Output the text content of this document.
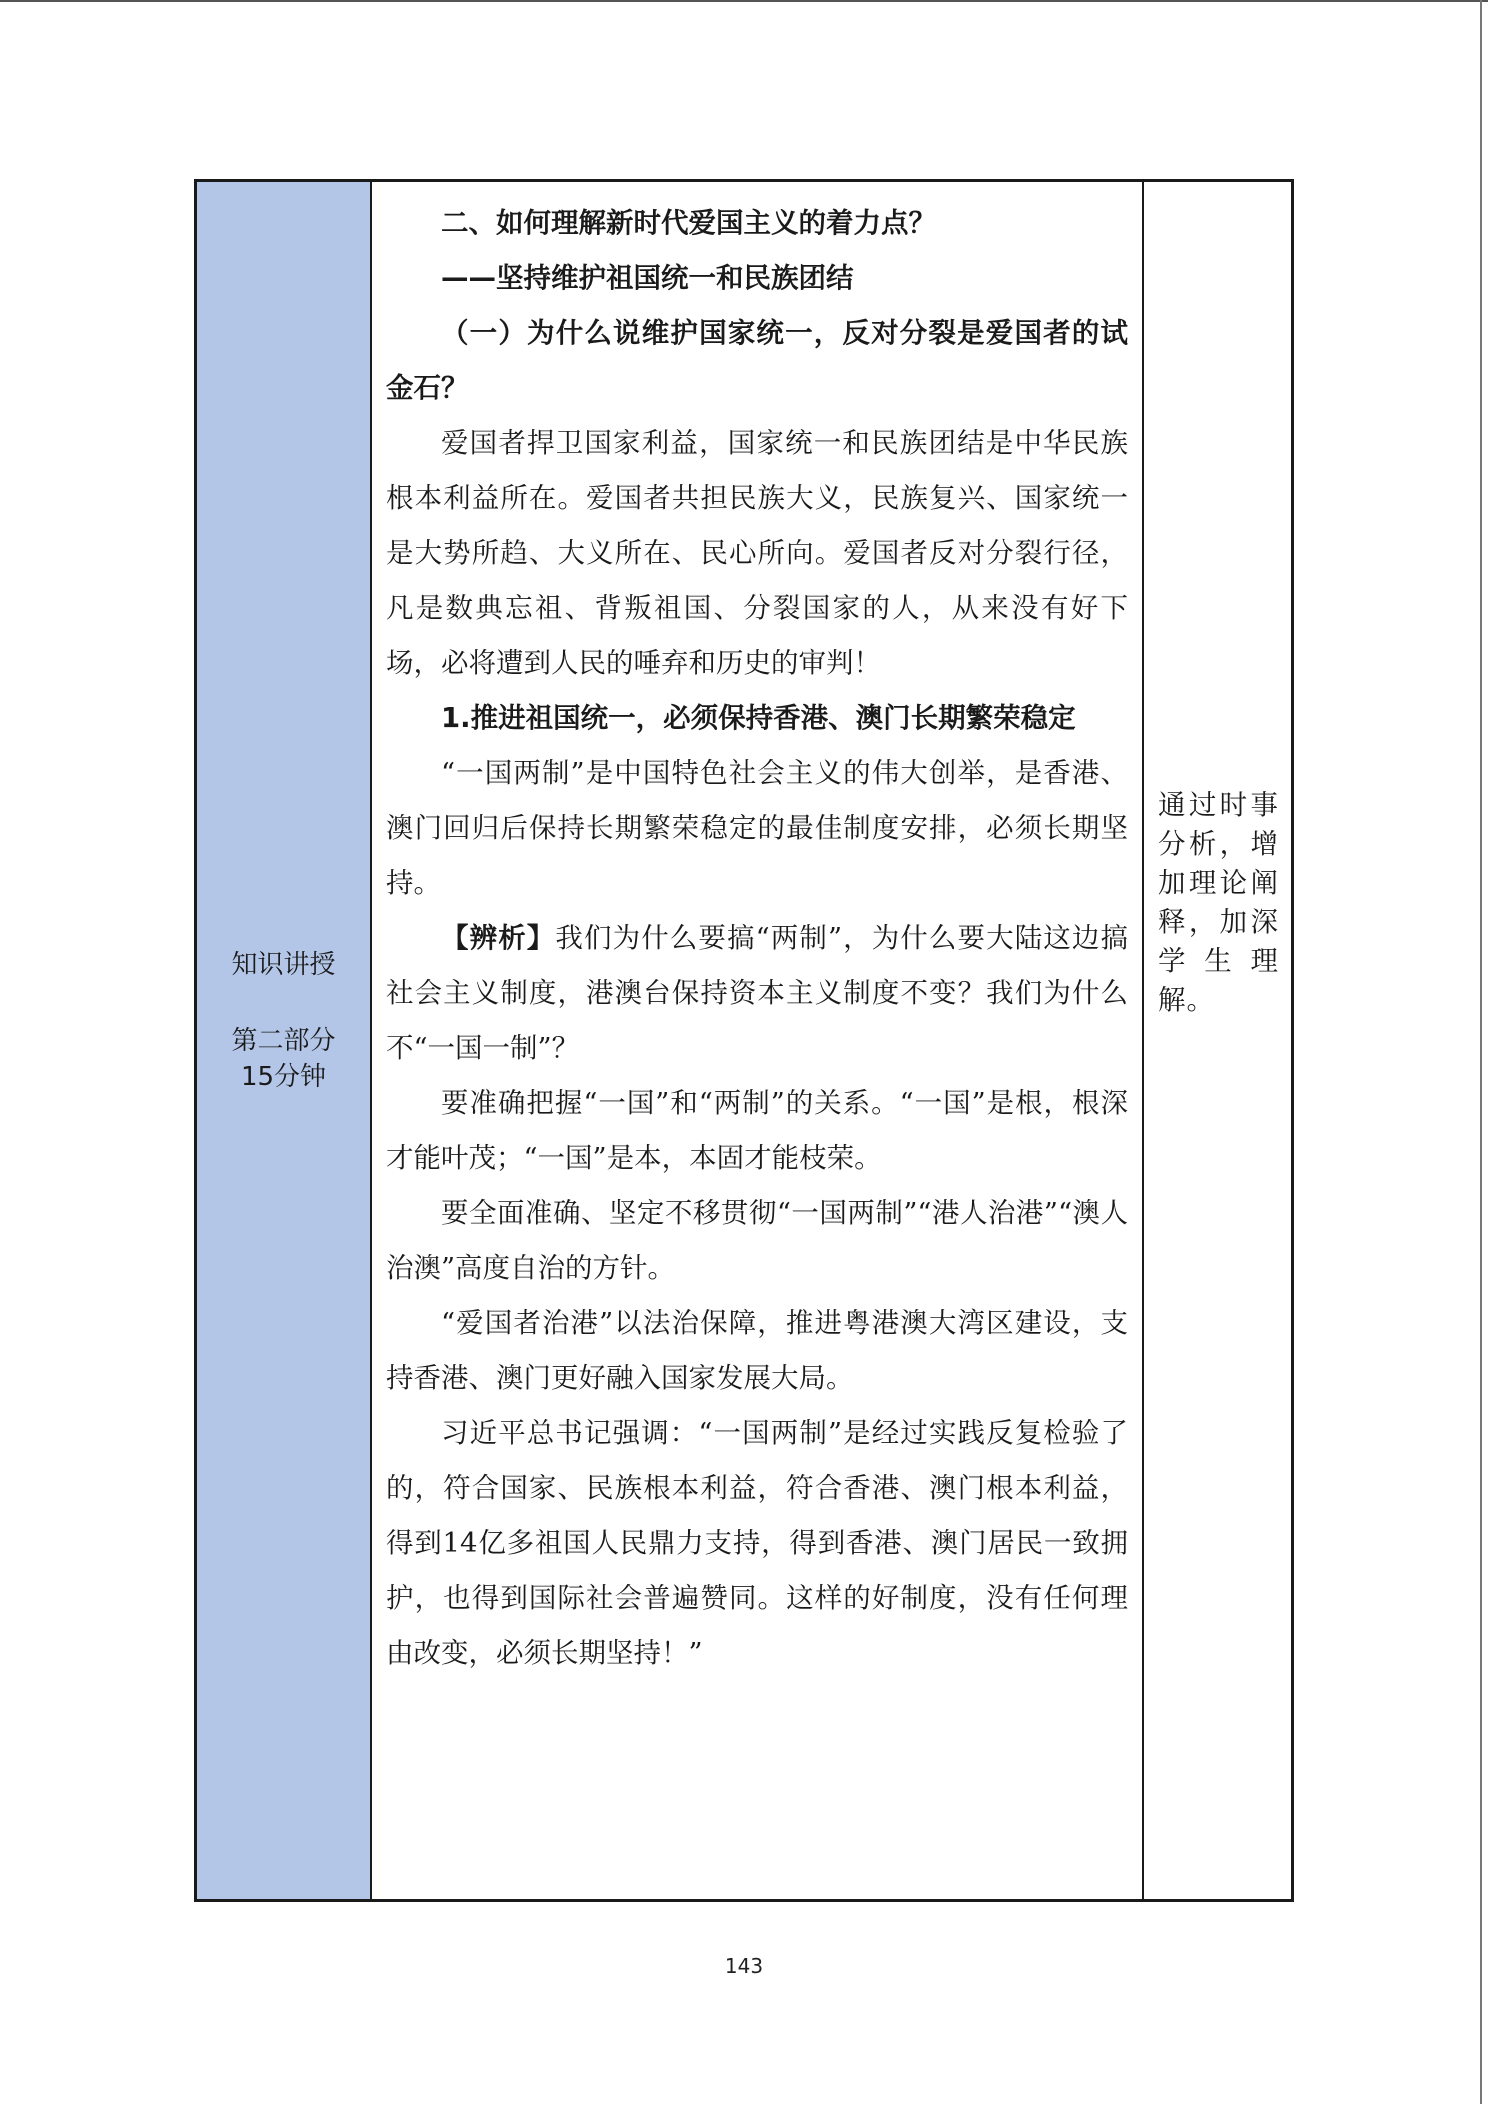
知识讲授
第二部分
15分钟

二、如何理解新时代爱国主义的着力点？

——坚持维护祖国统一和民族团结

（一）为什么说维护国家统一，反对分裂是爱国者的试金石？

爱国者捍卫国家利益，国家统一和民族团结是中华民族根本利益所在。爱国者共担民族大义，民族复兴、国家统一是大势所趋、大义所在、民心所向。爱国者反对分裂行径，凡是数典忘祖、背叛祖国、分裂国家的人，从来没有好下场，必将遭到人民的唾弃和历史的审判！

1.推进祖国统一，必须保持香港、澳门长期繁荣稳定

“一国两制”是中国特色社会主义的伟大创举，是香港、澳门回归后保持长期繁荣稳定的最佳制度安排，必须长期坚持。

【辨析】我们为什么要搞“两制”，为什么要大陆这边搞社会主义制度，港澳台保持资本主义制度不变？我们为什么不“一国一制”？

要准确把握“一国”和“两制”的关系。“一国”是根，根深才能叶茂；“一国”是本，本固才能枝荣。

要全面准确、坚定不移贯彻“一国两制”“港人治港”“澳人治澳”高度自治的方针。

“爱国者治港”以法治保障，推进粤港澳大湾区建设，支持香港、澳门更好融入国家发展大局。

习近平总书记强调：“一国两制”是经过实践反复检验了的，符合国家、民族根本利益，符合香港、澳门根本利益，得到14亿多祖国人民鼎力支持，得到香港、澳门居民一致拥护，也得到国际社会普遍赞同。这样的好制度，没有任何理由改变，必须长期坚持！”

通过时事分析，增加理论阐释，加深学生理解。
143
